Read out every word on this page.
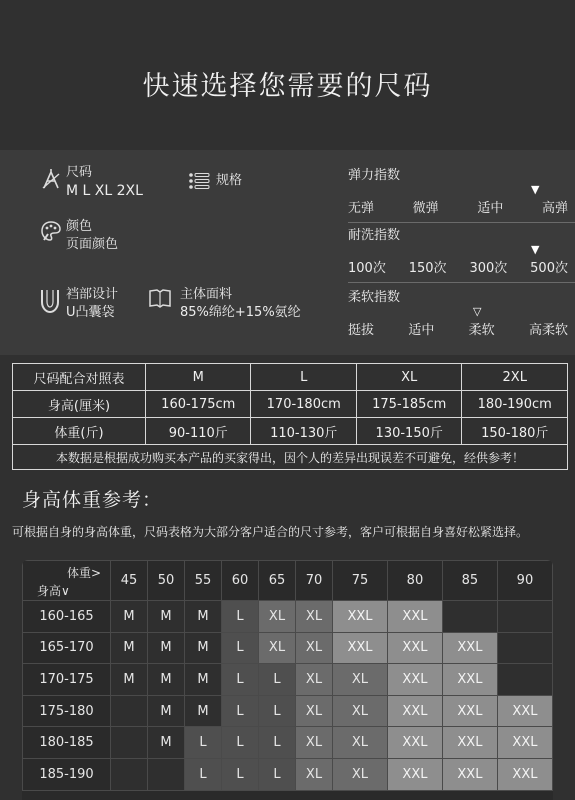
快速选择您需要的尺码
尺码
M L XL 2XL
规格
颜色
页面颜色
裆部设计
U凸囊袋
主体面料
85%绵纶+15%氨纶
弹力指数
▼
无弹	微弹	适中	高弹
耐洗指数
▼
100次 150次 300次 500次
柔软指数
▽
挺拔	适中	柔软	高柔软
尺码配合对照表	M	L	XL	2XL
身高(厘米)	160-175cm	170-180cm	175-185cm	180-190cm
体重(斤)	90-110斤	110-130斤	130-150斤	150-180斤
本数据是根据成功购买本产品的买家得出，因个人的差异出现误差不可避免，经供参考！				
身高体重参考：
可根据自身的身高体重，尺码表格为大部分客户适合的尺寸参考，客户可根据自身喜好松紧选择。
体重>
身高∨	45	50	55	60	65	70	75	80	85	90
160-165	M	M	M	L	XL	XL	XXL	XXL		
165-170	M	M	M	L	XL	XL	XXL	XXL	XXL	
170-175	M	M	M	L	L	XL	XL	XXL	XXL	
175-180		M	M	L	L	XL	XL	XXL	XXL	XXL
180-185		M	L	L	L	XL	XL	XXL	XXL	XXL
185-190			L	L	L	XL	XL	XXL	XXL	XXL
